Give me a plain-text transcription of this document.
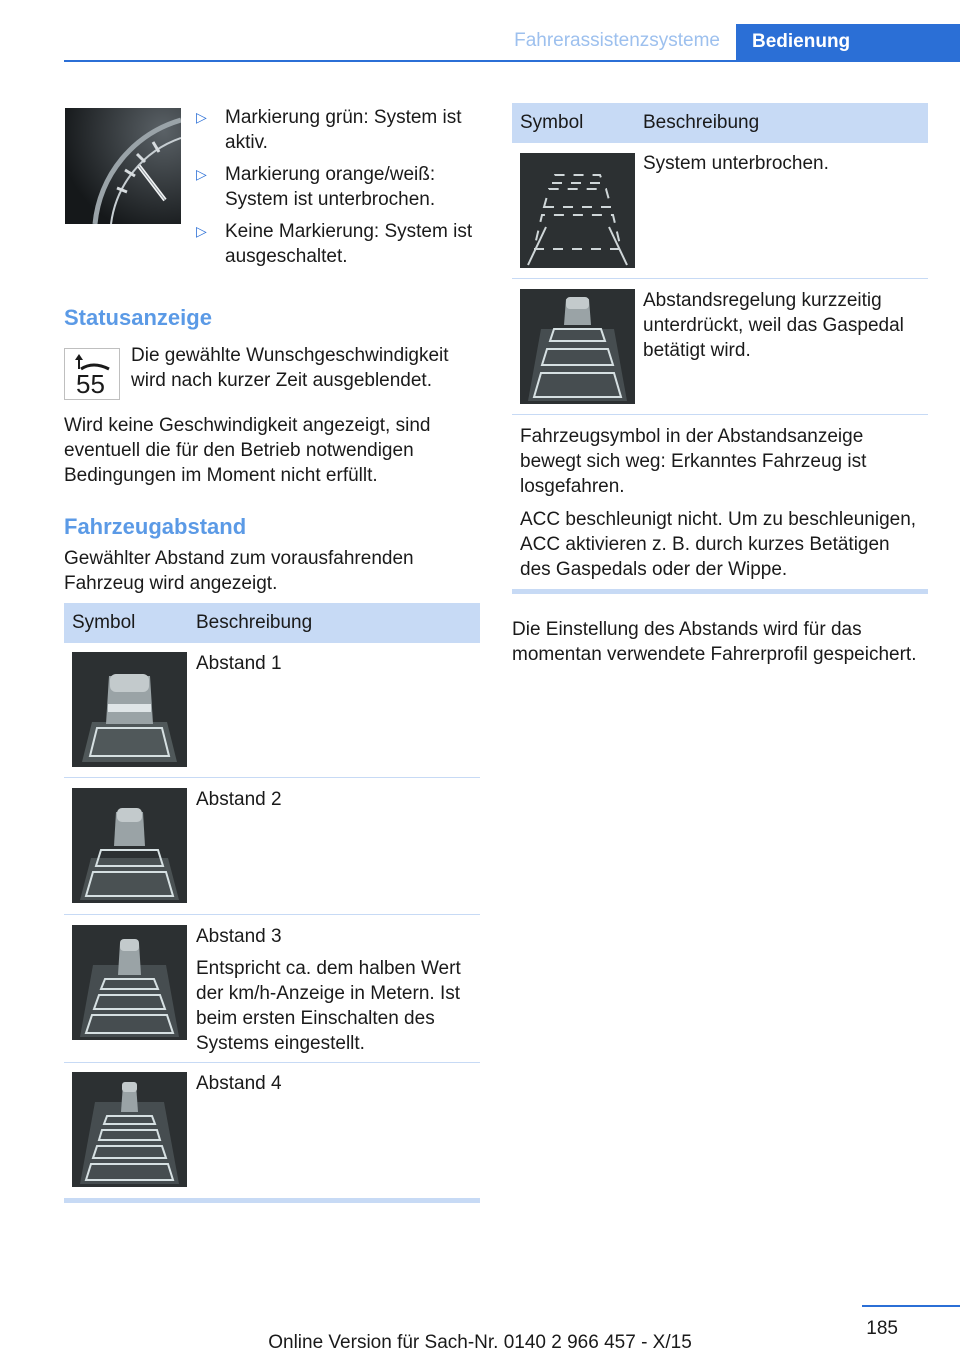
Fahrerassistenzsysteme	Bedienung
▷ Markierung grün: System ist aktiv.
▷ Markierung orange/weiß: System ist unterbrochen.
▷ Keine Markierung: System ist ausgeschaltet.
Statusanzeige
55
Die gewählte Wunschgeschwindigkeit wird nach kurzer Zeit ausgeblendet.
Wird keine Geschwindigkeit angezeigt, sind eventuell die für den Betrieb notwendigen Bedingungen im Moment nicht erfüllt.
Fahrzeugabstand
Gewählter Abstand zum vorausfahrenden Fahrzeug wird angezeigt.
Symbol	Beschreibung
Abstand 1
Abstand 2
Abstand 3
Entspricht ca. dem halben Wert der km/h-Anzeige in Metern. Ist beim ersten Einschalten des Systems eingestellt.
Abstand 4
Symbol	Beschreibung
System unterbrochen.
Abstandsregelung kurzzeitig unterdrückt, weil das Gaspedal betätigt wird.
Fahrzeugsymbol in der Abstandsanzeige bewegt sich weg: Erkanntes Fahrzeug ist losgefahren.
ACC beschleunigt nicht. Um zu beschleunigen, ACC aktivieren z. B. durch kurzes Betätigen des Gaspedals oder der Wippe.
Die Einstellung des Abstands wird für das momentan verwendete Fahrerprofil gespeichert.
185
Online Version für Sach-Nr. 0140 2 966 457 - X/15
